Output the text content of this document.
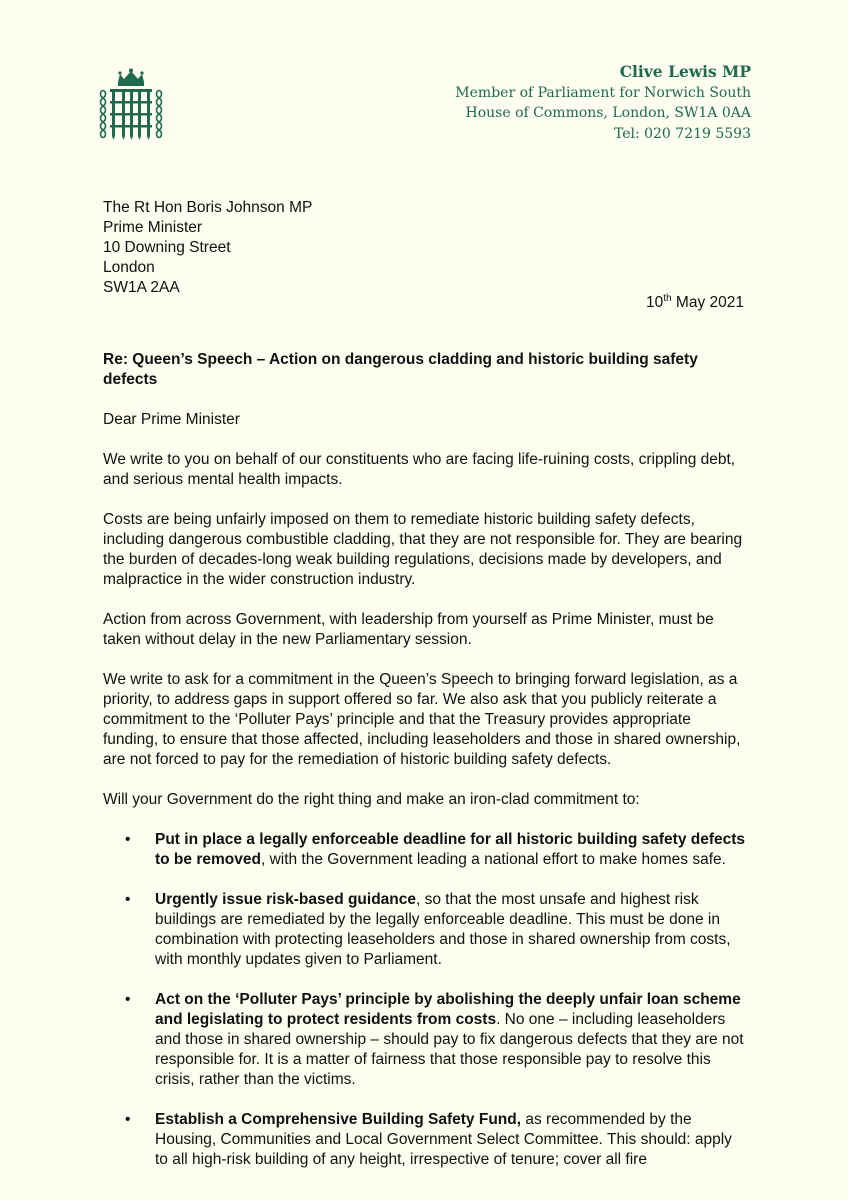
Clive Lewis MP
Member of Parliament for Norwich South
House of Commons, London, SW1A 0AA
Tel: 020 7219 5593
The Rt Hon Boris Johnson MP
Prime Minister
10 Downing Street
London
SW1A 2AA
10th May 2021

Re: Queen’s Speech – Action on dangerous cladding and historic building safety defects

Dear Prime Minister

We write to you on behalf of our constituents who are facing life-ruining costs, crippling debt, and serious mental health impacts.

Costs are being unfairly imposed on them to remediate historic building safety defects, including dangerous combustible cladding, that they are not responsible for. They are bearing the burden of decades-long weak building regulations, decisions made by developers, and malpractice in the wider construction industry.

Action from across Government, with leadership from yourself as Prime Minister, must be taken without delay in the new Parliamentary session.

We write to ask for a commitment in the Queen’s Speech to bringing forward legislation, as a priority, to address gaps in support offered so far. We also ask that you publicly reiterate a commitment to the ‘Polluter Pays’ principle and that the Treasury provides appropriate funding, to ensure that those affected, including leaseholders and those in shared ownership, are not forced to pay for the remediation of historic building safety defects.

Will your Government do the right thing and make an iron-clad commitment to:

• Put in place a legally enforceable deadline for all historic building safety defects to be removed, with the Government leading a national effort to make homes safe.
• Urgently issue risk-based guidance, so that the most unsafe and highest risk buildings are remediated by the legally enforceable deadline. This must be done in combination with protecting leaseholders and those in shared ownership from costs, with monthly updates given to Parliament.
• Act on the ‘Polluter Pays’ principle by abolishing the deeply unfair loan scheme and legislating to protect residents from costs. No one – including leaseholders and those in shared ownership – should pay to fix dangerous defects that they are not responsible for. It is a matter of fairness that those responsible pay to resolve this crisis, rather than the victims.
• Establish a Comprehensive Building Safety Fund, as recommended by the Housing, Communities and Local Government Select Committee. This should: apply to all high-risk building of any height, irrespective of tenure; cover all fire
